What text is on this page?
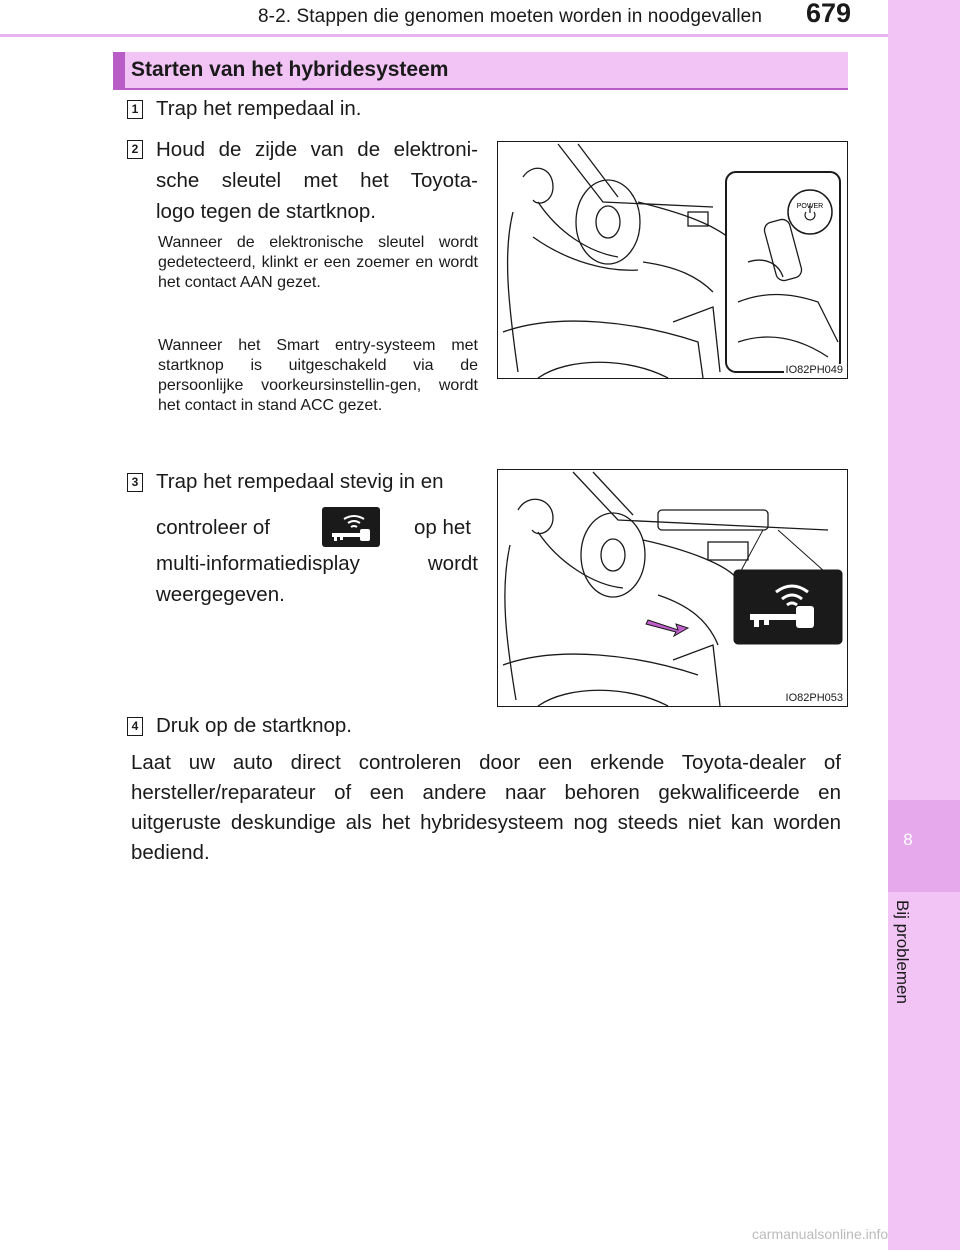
8-2. Stappen die genomen moeten worden in noodgevallen 679
8
Bij problemen
Starten van het hybridesysteem
1 Trap het rempedaal in.
2 Houd de zijde van de elektroni-
sche sleutel met het Toyota-
logo tegen de startknop.
Wanneer de elektronische sleutel wordt gedetecteerd, klinkt er een zoemer en wordt het contact AAN gezet.
Wanneer het Smart entry-systeem met startknop is uitgeschakeld via de persoonlijke voorkeursinstellin-gen, wordt het contact in stand ACC gezet.
POWER
IO82PH049
3 Trap het rempedaal stevig in en
controleer of	op het
multi-informatiedisplay wordt
weergegeven.
IO82PH053
4 Druk op de startknop.
Laat uw auto direct controleren door een erkende Toyota-dealer of hersteller/reparateur of een andere naar behoren gekwalificeerde en uitgeruste deskundige als het hybridesysteem nog steeds niet kan worden bediend.
carmanualsonline.info
